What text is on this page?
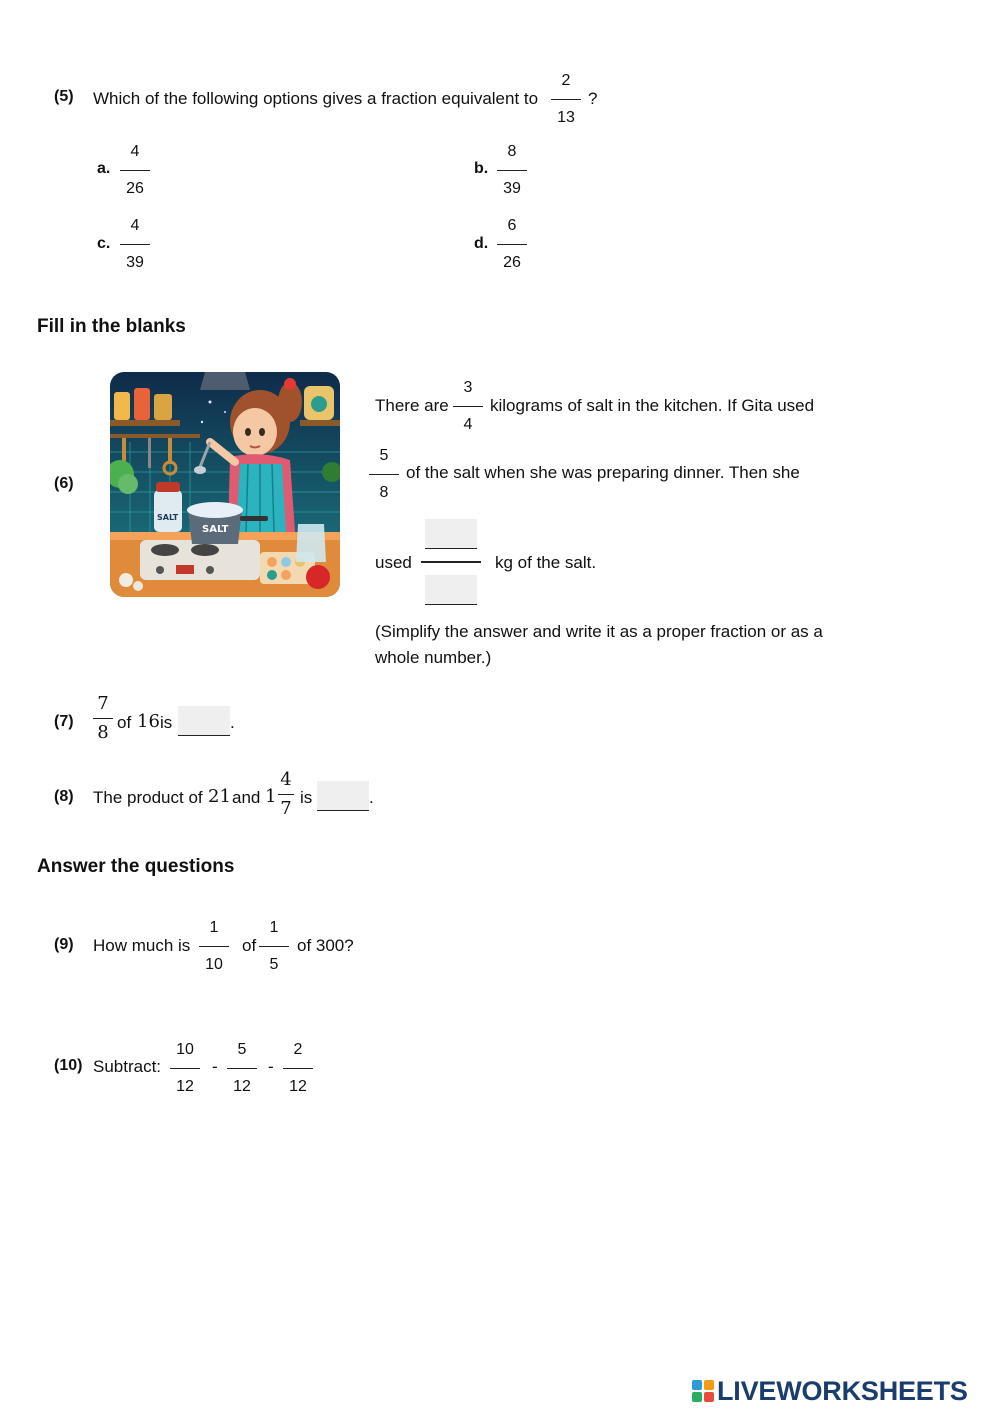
(5) Which of the following options gives a fraction equivalent to
2
13
?
a.
4
26
b.
8
39
c.
4
39
d.
6
26
Fill in the blanks
(6)
SALT
SALT
There are
3
4
kilograms of salt in the kitchen. If Gita used
5
8
of the salt when she was preparing dinner. Then she
used	kg of the salt.
(Simplify the answer and write it as a proper fraction or as a
whole number.)
(7)
7
8 of 16 is	.
(8) The product of 21 and 1
4
7
is	.
Answer the questions
(9) How much is
1
10
of
1
5
of 300?
(10) Subtract:
10
12
-
5
12
-
2
12
LIVEWORKSHEETS
